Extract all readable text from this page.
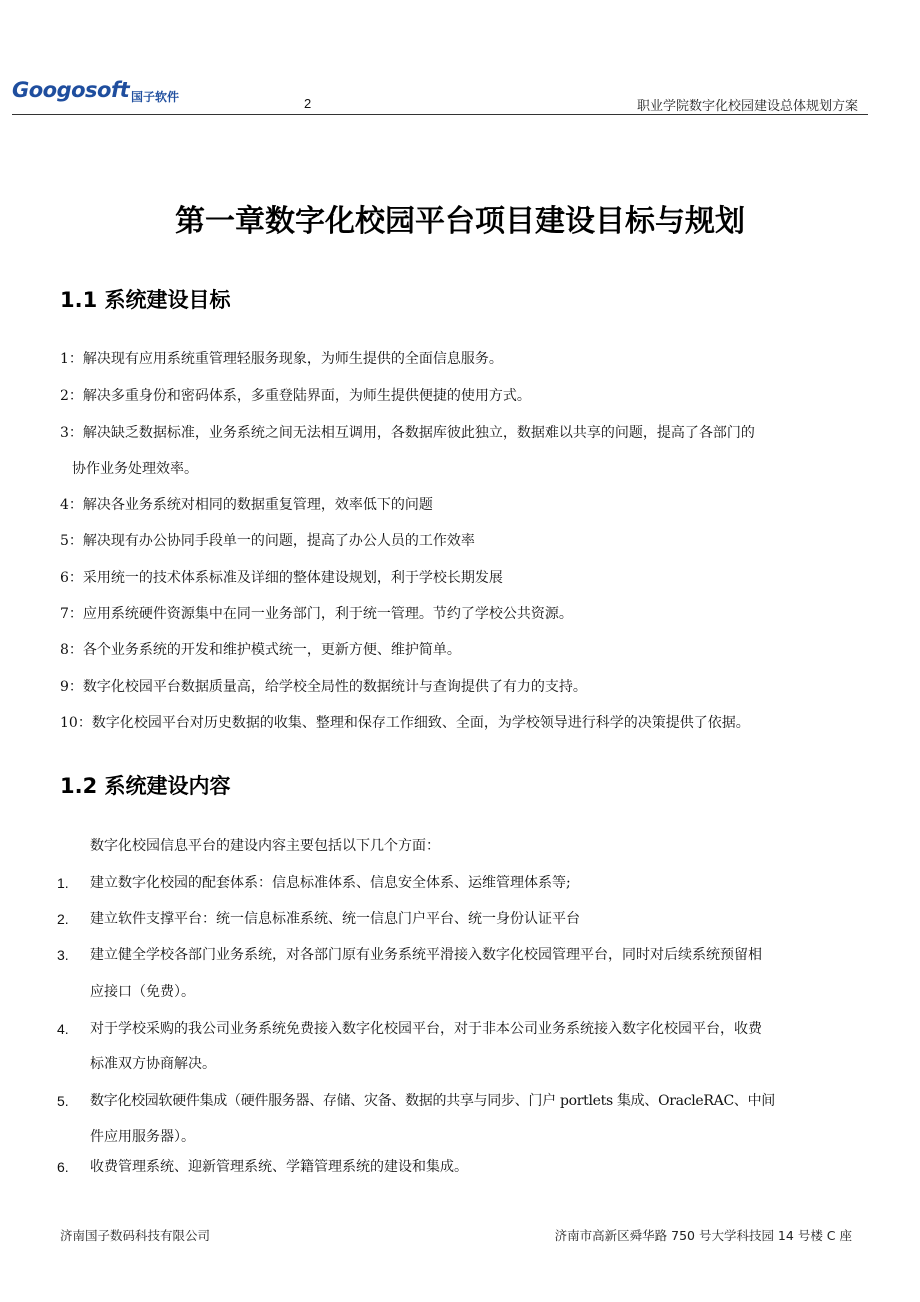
Googosoft 国子软件	2	职业学院数字化校园建设总体规划方案
第一章数字化校园平台项目建设目标与规划
1.1 系统建设目标
1：解决现有应用系统重管理轻服务现象，为师生提供的全面信息服务。
2：解决多重身份和密码体系，多重登陆界面，为师生提供便捷的使用方式。
3：解决缺乏数据标准，业务系统之间无法相互调用，各数据库彼此独立，数据难以共享的问题，提高了各部门的
协作业务处理效率。
4：解决各业务系统对相同的数据重复管理，效率低下的问题
5：解决现有办公协同手段单一的问题，提高了办公人员的工作效率
6：采用统一的技术体系标准及详细的整体建设规划，利于学校长期发展
7：应用系统硬件资源集中在同一业务部门，利于统一管理。节约了学校公共资源。
8：各个业务系统的开发和维护模式统一，更新方便、维护简单。
9：数字化校园平台数据质量高，给学校全局性的数据统计与查询提供了有力的支持。
10：数字化校园平台对历史数据的收集、整理和保存工作细致、全面，为学校领导进行科学的决策提供了依据。
1.2 系统建设内容
数字化校园信息平台的建设内容主要包括以下几个方面：
1. 建立数字化校园的配套体系：信息标准体系、信息安全体系、运维管理体系等;
2. 建立软件支撑平台：统一信息标准系统、统一信息门户平台、统一身份认证平台
3. 建立健全学校各部门业务系统，对各部门原有业务系统平滑接入数字化校园管理平台，同时对后续系统预留相
应接口（免费）。
4. 对于学校采购的我公司业务系统免费接入数字化校园平台，对于非本公司业务系统接入数字化校园平台，收费
标准双方协商解决。
5. 数字化校园软硬件集成（硬件服务器、存储、灾备、数据的共享与同步、门户 portlets 集成、OracleRAC、中间
件应用服务器）。
6. 收费管理系统、迎新管理系统、学籍管理系统的建设和集成。
济南国子数码科技有限公司	济南市高新区舜华路 750 号大学科技园 14 号楼 C 座
